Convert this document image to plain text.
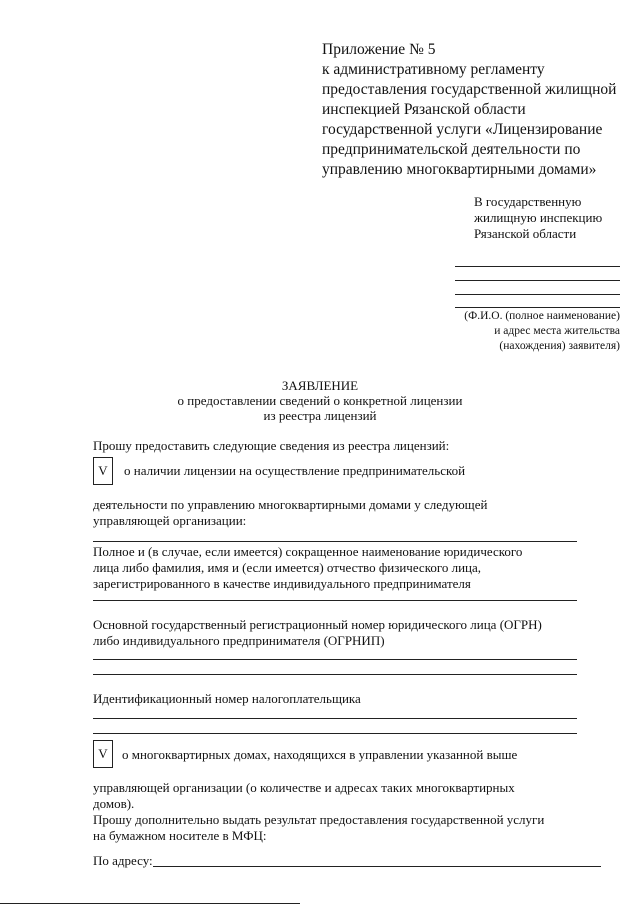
Приложение № 5
к административному регламенту
предоставления государственной жилищной
инспекцией Рязанской области
государственной услуги «Лицензирование
предпринимательской деятельности по
управлению многоквартирными домами»
В государственную
жилищную инспекцию
Рязанской области
(Ф.И.О. (полное наименование)
и адрес места жительства
(нахождения) заявителя)
ЗАЯВЛЕНИЕ
о предоставлении сведений о конкретной лицензии
из реестра лицензий
Прошу предоставить следующие сведения из реестра лицензий:
V	о наличии лицензии на осуществление предпринимательской
деятельности по управлению многоквартирными домами у следующей
управляющей организации:
Полное и (в случае, если имеется) сокращенное наименование юридического
лица либо фамилия, имя и (если имеется) отчество физического лица,
зарегистрированного в качестве индивидуального предпринимателя
Основной государственный регистрационный номер юридического лица (ОГРН)
либо индивидуального предпринимателя (ОГРНИП)
Идентификационный номер налогоплательщика
V	о многоквартирных домах, находящихся в управлении указанной выше
управляющей организации (о количестве и адресах таких многоквартирных
домов).
Прошу дополнительно выдать результат предоставления государственной услуги
на бумажном носителе в МФЦ:
По адресу:
